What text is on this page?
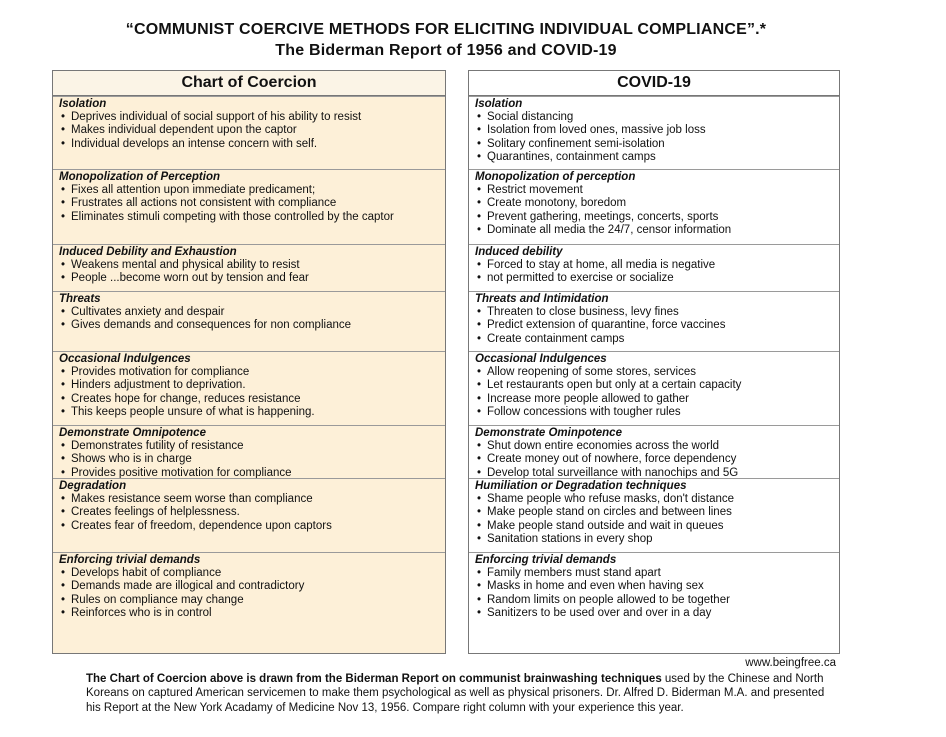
“COMMUNIST COERCIVE METHODS FOR ELICITING INDIVIDUAL COMPLIANCE”.*
The Biderman Report of 1956 and COVID-19
Chart of Coercion
Isolation
• Deprives individual of social support of his ability to resist
• Makes individual dependent upon the captor
• Individual develops an intense concern with self.
Monopolization of Perception
• Fixes all attention upon immediate predicament;
• Frustrates all actions not consistent with compliance
• Eliminates stimuli competing with those controlled by the captor
Induced Debility and Exhaustion
• Weakens mental and physical ability to resist
• People ...become worn out by tension and fear
Threats
• Cultivates anxiety and despair
• Gives demands and consequences for non compliance
Occasional Indulgences
• Provides motivation for compliance
• Hinders adjustment to deprivation.
• Creates hope for change, reduces resistance
• This keeps people unsure of what is happening.
Demonstrate Omnipotence
• Demonstrates futility of resistance
• Shows who is in charge
• Provides positive motivation for compliance
Degradation
• Makes resistance seem worse than compliance
• Creates feelings of helplessness.
• Creates fear of freedom, dependence upon captors
Enforcing trivial demands
• Develops habit of compliance
• Demands made are illogical and contradictory
• Rules on compliance may change
• Reinforces who is in control
COVID-19
Isolation
• Social distancing
• Isolation from loved ones, massive job loss
• Solitary confinement semi-isolation
• Quarantines, containment camps
Monopolization of perception
• Restrict movement
• Create monotony, boredom
• Prevent gathering, meetings, concerts, sports
• Dominate all media the 24/7, censor information
Induced debility
• Forced to stay at home, all media is negative
• not permitted to exercise or socialize
Threats and Intimidation
• Threaten to close business, levy fines
• Predict extension of quarantine, force vaccines
• Create containment camps
Occasional Indulgences
• Allow reopening of some stores, services
• Let restaurants open but only at a certain capacity
• Increase more people allowed to gather
• Follow concessions with tougher rules
Demonstrate Ominpotence
• Shut down entire economies across the world
• Create money out of nowhere, force dependency
• Develop total surveillance with nanochips and 5G
Humiliation or Degradation techniques
• Shame people who refuse masks, don't distance
• Make people stand on circles and between lines
• Make people stand outside and wait in queues
• Sanitation stations in every shop
Enforcing trivial demands
• Family members must stand apart
• Masks in home and even when having sex
• Random limits on people allowed to be together
• Sanitizers to be used over and over in a day
www.beingfree.ca

The Chart of Coercion above is drawn from the Biderman Report on communist brainwashing techniques used by the Chinese and North Koreans on captured American servicemen to make them psychological as well as physical prisoners. Dr. Alfred D. Biderman M.A. and presented his Report at the New York Acadamy of Medicine Nov 13, 1956. Compare right column with your experience this year.
